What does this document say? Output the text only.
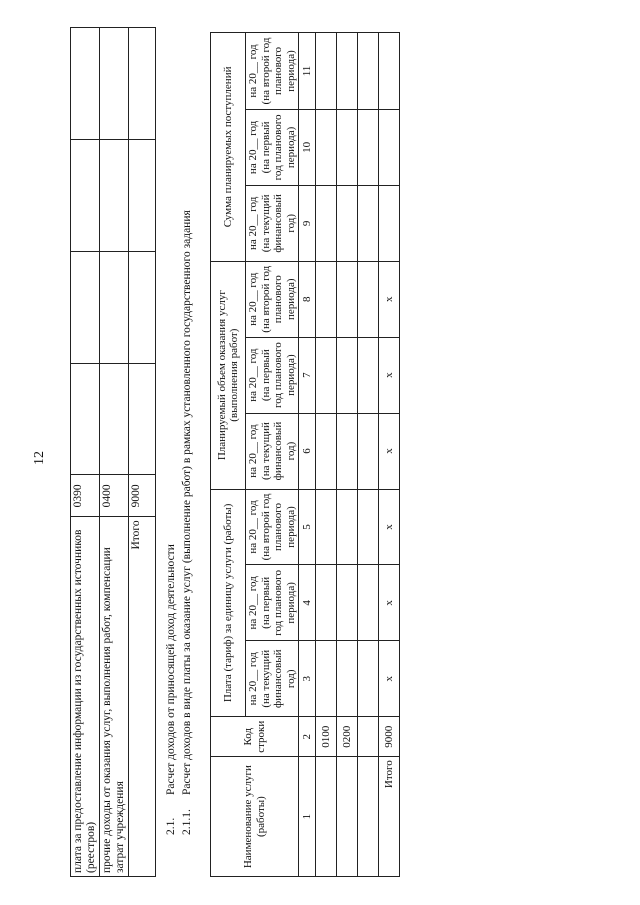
12
плата за предоставление информации из государственных источников (реестров)	0390				
прочие доходы от оказания услуг, выполнения работ, компенсации затрат учреждения	0400				
Итого	9000				
2.1.Расчет доходов от приносящей доход деятельности
2.1.1.Расчет доходов в виде платы за оказание услуг (выполнение работ) в рамках установленного государственного задания
Наименование услуги (работы)	Код строки	Плата (тариф) за единицу услуги (работы)			Планируемый объем оказания услуг (выполнения работ)			Сумма планируемых поступлений		
		на 20__ год (на текущий финансовый год)	на 20__ год (на первый год планового периода)	на 20__ год (на второй год планового периода)	на 20__ год (на текущий финансовый год)	на 20__ год (на первый год планового периода)	на 20__ год (на второй год планового периода)	на 20__ год (на текущий финансовый год)	на 20__ год (на первый год планового периода)	на 20__ год (на второй год планового периода)
1	2	3	4	5	6	7	8	9	10	11
	0100									
	0200									

Итого	9000	x	x	x	x	x	x			
